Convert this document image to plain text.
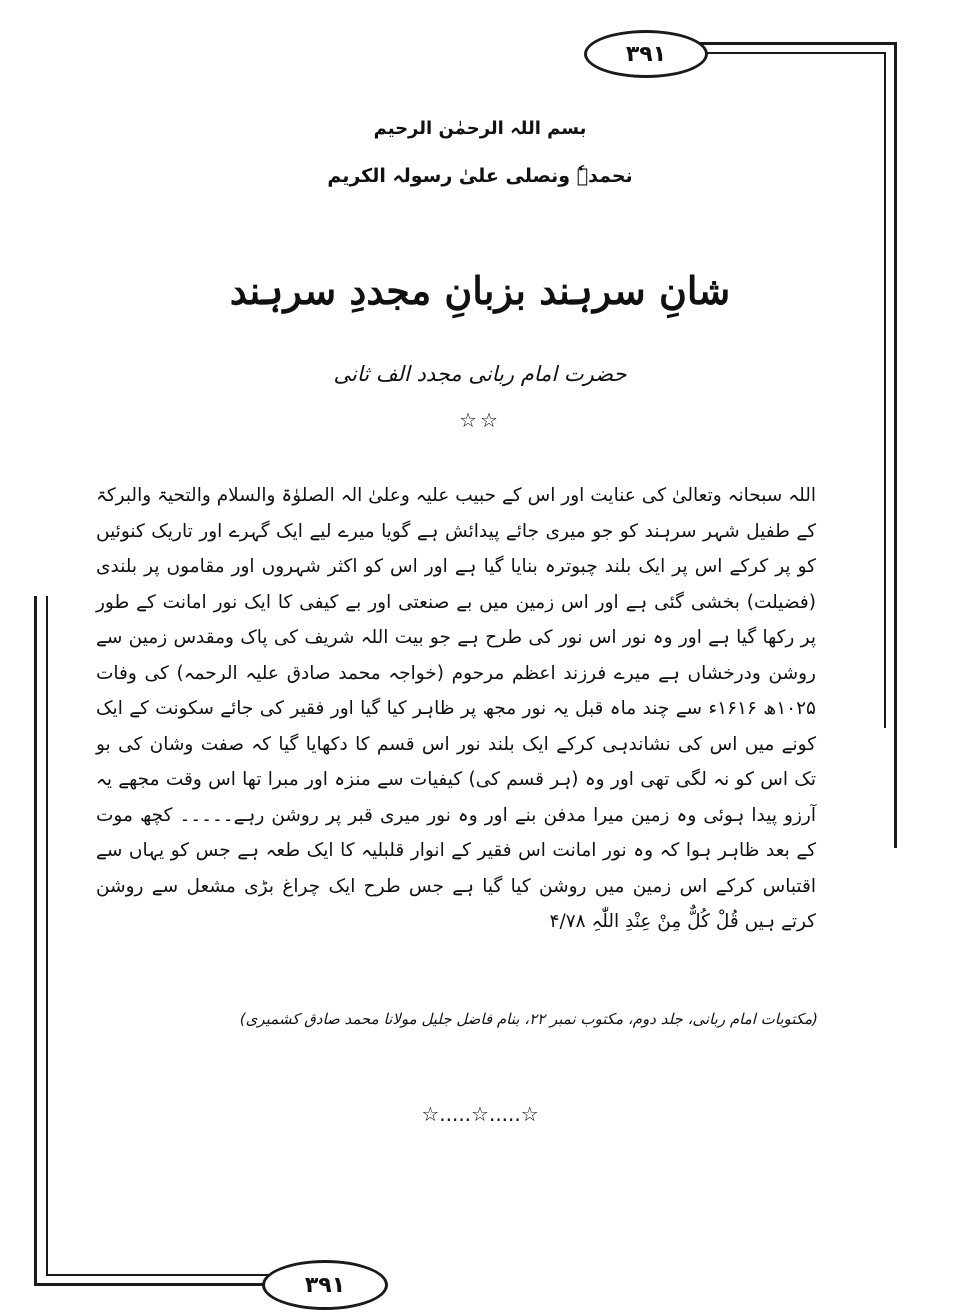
۳۹۱
۳۹۱
بسم اللہ الرحمٰن الرحیم
نحمدہٗ ونصلی علیٰ رسولہ الکریم
شانِ سرہند بزبانِ مجددِ سرہند
حضرت امام ربانی مجدد الف ثانی
☆☆
اللہ سبحانہ وتعالیٰ کی عنایت اور اس کے حبیب علیہ وعلیٰ الہ الصلوٰۃ والسلام والتحیۃ والبرکۃ کے طفیل شہر سرہند کو جو میری جائے پیدائش ہے گویا میرے لیے ایک گہرے اور تاریک کنوئیں کو پر کرکے اس پر ایک بلند چبوترہ بنایا گیا ہے اور اس کو اکثر شہروں اور مقاموں پر بلندی (فضیلت) بخشی گئی ہے اور اس زمین میں بے صنعتی اور بے کیفی کا ایک نور امانت کے طور پر رکھا گیا ہے اور وہ نور اس نور کی طرح ہے جو بیت اللہ شریف کی پاک ومقدس زمین سے روشن ودرخشاں ہے میرے فرزند اعظم مرحوم (خواجہ محمد صادق علیہ الرحمہ) کی وفات ۱۰۲۵ھ ۱۶۱۶ء سے چند ماہ قبل یہ نور مجھ پر ظاہر کیا گیا اور فقیر کی جائے سکونت کے ایک کونے میں اس کی نشاندہی کرکے ایک بلند نور اس قسم کا دکھایا گیا کہ صفت وشان کی بو تک اس کو نہ لگی تھی اور وہ (ہر قسم کی) کیفیات سے منزہ اور مبرا تھا اس وقت مجھے یہ آرزو پیدا ہوئی وہ زمین میرا مدفن بنے اور وہ نور میری قبر پر روشن رہے۔۔۔۔۔ کچھ موت کے بعد ظاہر ہوا کہ وہ نور امانت اس فقیر کے انوار قلبلیہ کا ایک طعہ ہے جس کو یہاں سے اقتباس کرکے اس زمین میں روشن کیا گیا ہے جس طرح ایک چراغ بڑی مشعل سے روشن کرتے ہیں قُلْ کُلٌّ مِنْ عِنْدِ اللّٰہِ ۴/۷۸
(مکتوبات امام ربانی، جلد دوم، مکتوب نمبر ۲۲، بنام فاضل جلیل مولانا محمد صادق کشمیری)
☆.....☆.....☆
